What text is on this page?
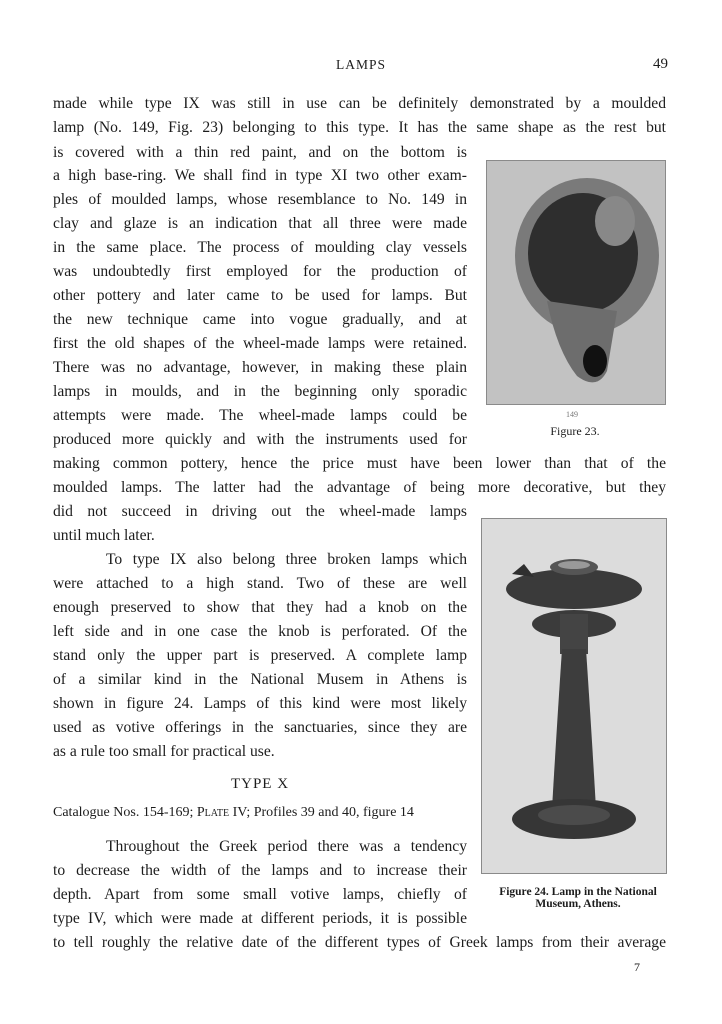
LAMPS	49
made while type IX was still in use can be definitely demonstrated by a moulded
lamp (No. 149, Fig. 23) belonging to this type. It has the same shape as the rest but
is covered with a thin red paint, and on the bottom is
a high base-ring. We shall find in type XI two other exam-
ples of moulded lamps, whose resemblance to No. 149 in
clay and glaze is an indication that all three were made
in the same place. The process of moulding clay vessels
was undoubtedly first employed for the production of
other pottery and later came to be used for lamps. But
the new technique came into vogue gradually, and at
first the old shapes of the wheel-made lamps were retained.
There was no advantage, however, in making these plain
lamps in moulds, and in the beginning only sporadic
attempts were made. The wheel-made lamps could be
produced more quickly and with the instruments used for
149
Figure 23.
making common pottery, hence the price must have been lower than that of the
moulded lamps. The latter had the advantage of being more decorative, but they
did not succeed in driving out the wheel-made lamps
until much later.
To type IX also belong three broken lamps which
were attached to a high stand. Two of these are well
enough preserved to show that they had a knob on the
left side and in one case the knob is perforated. Of the
stand only the upper part is preserved. A complete lamp
of a similar kind in the National Musem in Athens is
shown in figure 24. Lamps of this kind were most likely
used as votive offerings in the sanctuaries, since they are
as a rule too small for practical use.
TYPE X
Catalogue Nos. 154-169; Plate IV; Profiles 39 and 40, figure 14
Throughout the Greek period there was a tendency
to decrease the width of the lamps and to increase their
depth. Apart from some small votive lamps, chiefly of
type IV, which were made at different periods, it is possible
to tell roughly the relative date of the different types of Greek lamps from their average
Figure 24. Lamp in the National
Museum, Athens.
7
